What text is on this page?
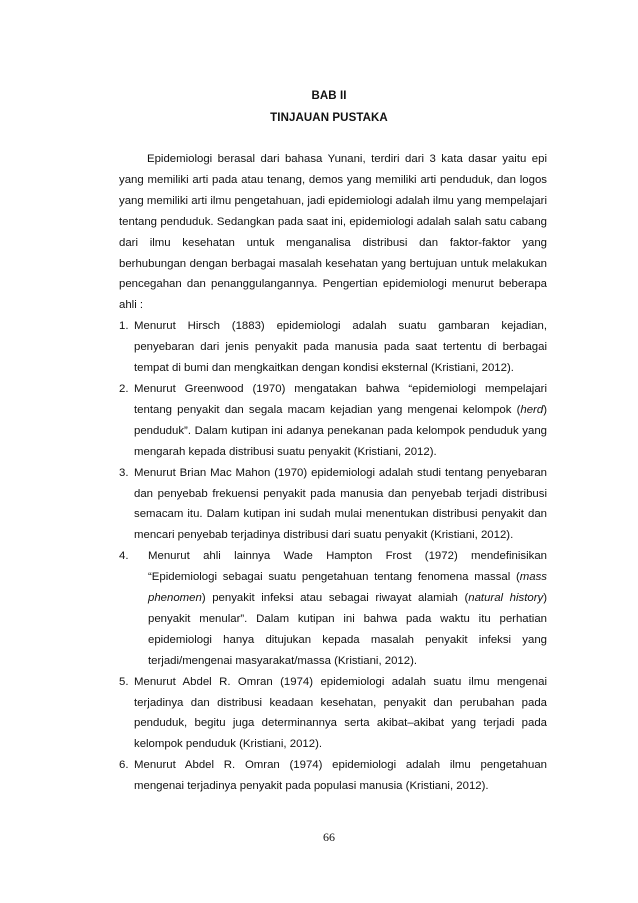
BAB II
TINJAUAN PUSTAKA

Epidemiologi berasal dari bahasa Yunani, terdiri dari 3 kata dasar yaitu epi yang memiliki arti pada atau tenang, demos yang memiliki arti penduduk, dan logos yang memiliki arti ilmu pengetahuan, jadi epidemiologi adalah ilmu yang mempelajari tentang penduduk. Sedangkan pada saat ini, epidemiologi adalah salah satu cabang dari ilmu kesehatan untuk menganalisa distribusi dan faktor-faktor yang berhubungan dengan berbagai masalah kesehatan yang bertujuan untuk melakukan pencegahan dan penanggulangannya. Pengertian epidemiologi menurut beberapa ahli :

1. Menurut Hirsch (1883) epidemiologi adalah suatu gambaran kejadian, penyebaran dari jenis penyakit pada manusia pada saat tertentu di berbagai tempat di bumi dan mengkaitkan dengan kondisi eksternal (Kristiani, 2012).
2. Menurut Greenwood (1970) mengatakan bahwa “epidemiologi mempelajari tentang penyakit dan segala macam kejadian yang mengenai kelompok (herd) penduduk”. Dalam kutipan ini adanya penekanan pada kelompok penduduk yang mengarah kepada distribusi suatu penyakit (Kristiani, 2012).
3. Menurut Brian Mac Mahon (1970) epidemiologi adalah studi tentang penyebaran dan penyebab frekuensi penyakit pada manusia dan penyebab terjadi distribusi semacam itu. Dalam kutipan ini sudah mulai menentukan distribusi penyakit dan mencari penyebab terjadinya distribusi dari suatu penyakit (Kristiani, 2012).
4. Menurut ahli lainnya Wade Hampton Frost (1972) mendefinisikan “Epidemiologi sebagai suatu pengetahuan tentang fenomena massal (mass phenomen) penyakit infeksi atau sebagai riwayat alamiah (natural history) penyakit menular”. Dalam kutipan ini bahwa pada waktu itu perhatian epidemiologi hanya ditujukan kepada masalah penyakit infeksi yang terjadi/mengenai masyarakat/massa (Kristiani, 2012).
5. Menurut Abdel R. Omran (1974) epidemiologi adalah suatu ilmu mengenai terjadinya dan distribusi keadaan kesehatan, penyakit dan perubahan pada penduduk, begitu juga determinannya serta akibat–akibat yang terjadi pada kelompok penduduk (Kristiani, 2012).
6. Menurut Abdel R. Omran (1974) epidemiologi adalah ilmu pengetahuan mengenai terjadinya penyakit pada populasi manusia (Kristiani, 2012).
66
